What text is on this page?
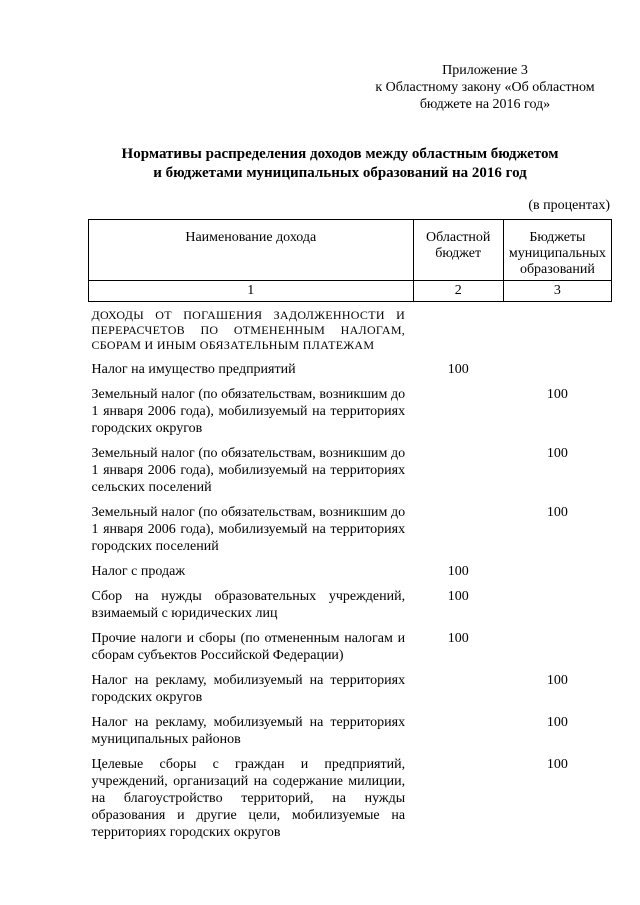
Приложение 3
к Областному закону «Об областном
бюджете на 2016 год»
Нормативы распределения доходов между областным бюджетом
и бюджетами муниципальных образований на 2016 год
(в процентах)
Наименование дохода	Областной бюджет	Бюджеты муниципальных образований
1	2	3
ДОХОДЫ ОТ ПОГАШЕНИЯ ЗАДОЛЖЕННОСТИ И ПЕРЕРАСЧЕТОВ ПО ОТМЕНЕННЫМ НАЛОГАМ, СБОРАМ И ИНЫМ ОБЯЗАТЕЛЬНЫМ ПЛАТЕЖАМ		
Налог на имущество предприятий	100	
Земельный налог (по обязательствам, возникшим до 1 января 2006 года), мобилизуемый на территориях городских округов		100
Земельный налог (по обязательствам, возникшим до 1 января 2006 года), мобилизуемый на территориях сельских поселений		100
Земельный налог (по обязательствам, возникшим до 1 января 2006 года), мобилизуемый на территориях городских поселений		100
Налог с продаж	100	
Сбор на нужды образовательных учреждений, взимаемый с юридических лиц	100	
Прочие налоги и сборы (по отмененным налогам и сборам субъектов Российской Федерации)	100	
Налог на рекламу, мобилизуемый на территориях городских округов		100
Налог на рекламу, мобилизуемый на территориях муниципальных районов		100
Целевые сборы с граждан и предприятий, учреждений, организаций на содержание милиции, на благоустройство территорий, на нужды образования и другие цели, мобилизуемые на территориях городских округов		100
